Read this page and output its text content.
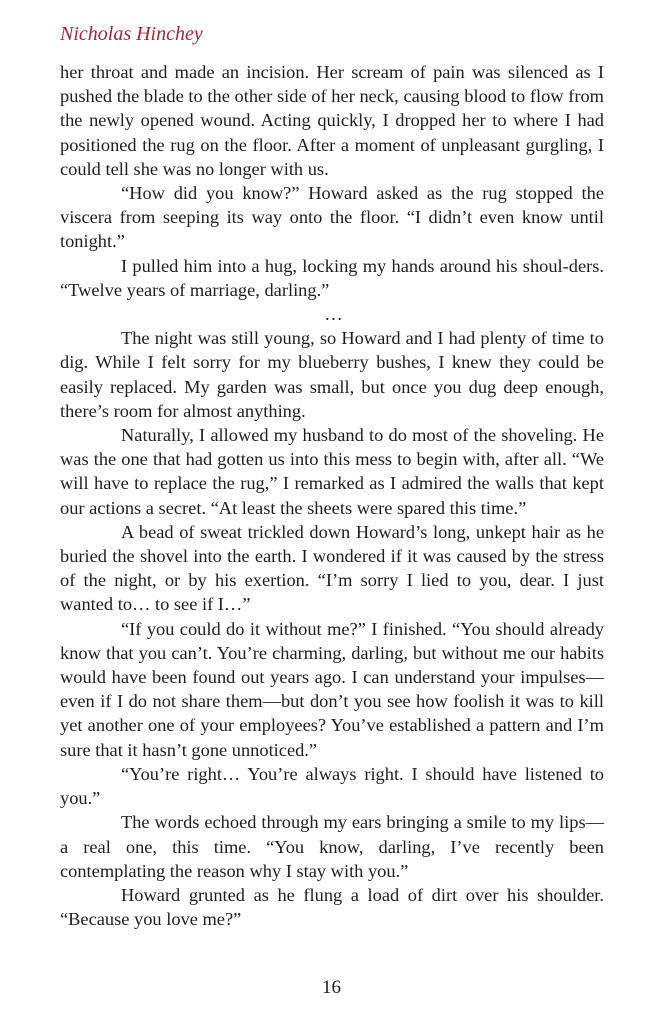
Nicholas Hinchey

her throat and made an incision. Her scream of pain was silenced as I pushed the blade to the other side of her neck, causing blood to flow from the newly opened wound. Acting quickly, I dropped her to where I had positioned the rug on the floor. After a moment of unpleasant gurgling, I could tell she was no longer with us.

“How did you know?” Howard asked as the rug stopped the viscera from seeping its way onto the floor. “I didn’t even know until tonight.”

I pulled him into a hug, locking my hands around his shoul-ders. “Twelve years of marriage, darling.”

…

The night was still young, so Howard and I had plenty of time to dig. While I felt sorry for my blueberry bushes, I knew they could be easily replaced. My garden was small, but once you dug deep enough, there’s room for almost anything.

Naturally, I allowed my husband to do most of the shoveling. He was the one that had gotten us into this mess to begin with, after all. “We will have to replace the rug,” I remarked as I admired the walls that kept our actions a secret. “At least the sheets were spared this time.”

A bead of sweat trickled down Howard’s long, unkept hair as he buried the shovel into the earth. I wondered if it was caused by the stress of the night, or by his exertion. “I’m sorry I lied to you, dear. I just wanted to… to see if I…”

“If you could do it without me?” I finished. “You should already know that you can’t. You’re charming, darling, but without me our habits would have been found out years ago. I can understand your impulses—even if I do not share them—but don’t you see how foolish it was to kill yet another one of your employees? You’ve established a pattern and I’m sure that it hasn’t gone unnoticed.”

“You’re right… You’re always right. I should have listened to you.”

The words echoed through my ears bringing a smile to my lips— a real one, this time. “You know, darling, I’ve recently been contemplating the reason why I stay with you.”

Howard grunted as he flung a load of dirt over his shoulder. “Because you love me?”

16
